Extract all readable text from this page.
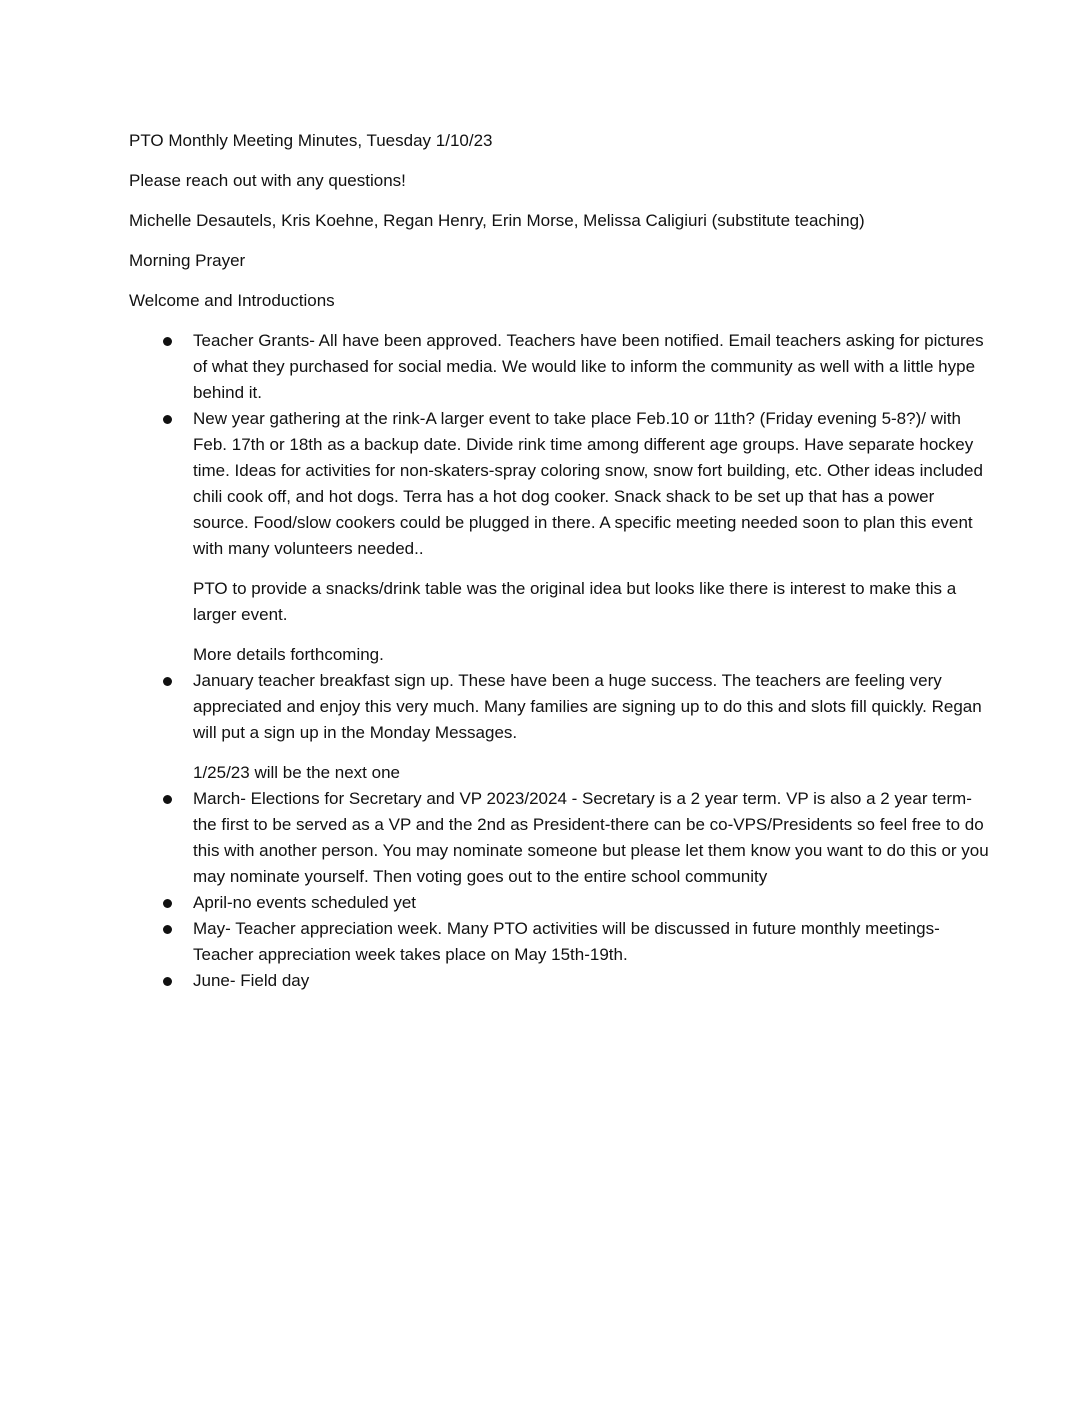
PTO Monthly Meeting Minutes, Tuesday 1/10/23

Please reach out with any questions!

Michelle Desautels, Kris Koehne, Regan Henry, Erin Morse, Melissa Caligiuri (substitute teaching)

Morning Prayer

Welcome and Introductions

Teacher Grants- All have been approved. Teachers have been notified. Email teachers asking for pictures of what they purchased for social media. We would like to inform the community as well with a little hype behind it.

New year gathering at the rink-A larger event to take place Feb.10 or 11th? (Friday evening 5-8?)/ with Feb. 17th or 18th as a backup date. Divide rink time among different age groups. Have separate hockey time. Ideas for activities for non-skaters-spray coloring snow, snow fort building, etc. Other ideas included chili cook off, and hot dogs. Terra has a hot dog cooker. Snack shack to be set up that has a power source. Food/slow cookers could be plugged in there. A specific meeting needed soon to plan this event with many volunteers needed..

PTO to provide a snacks/drink table was the original idea but looks like there is interest to make this a larger event.

More details forthcoming.

January teacher breakfast sign up. These have been a huge success. The teachers are feeling very appreciated and enjoy this very much. Many families are signing up to do this and slots fill quickly. Regan will put a sign up in the Monday Messages.

1/25/23 will be the next one

March- Elections for Secretary and VP 2023/2024 - Secretary is a 2 year term. VP is also a 2 year term-the first to be served as a VP and the 2nd as President-there can be co-VPS/Presidents so feel free to do this with another person. You may nominate someone but please let them know you want to do this or you may nominate yourself. Then voting goes out to the entire school community

April-no events scheduled yet

May- Teacher appreciation week. Many PTO activities will be discussed in future monthly meetings-Teacher appreciation week takes place on May 15th-19th.

June- Field day
